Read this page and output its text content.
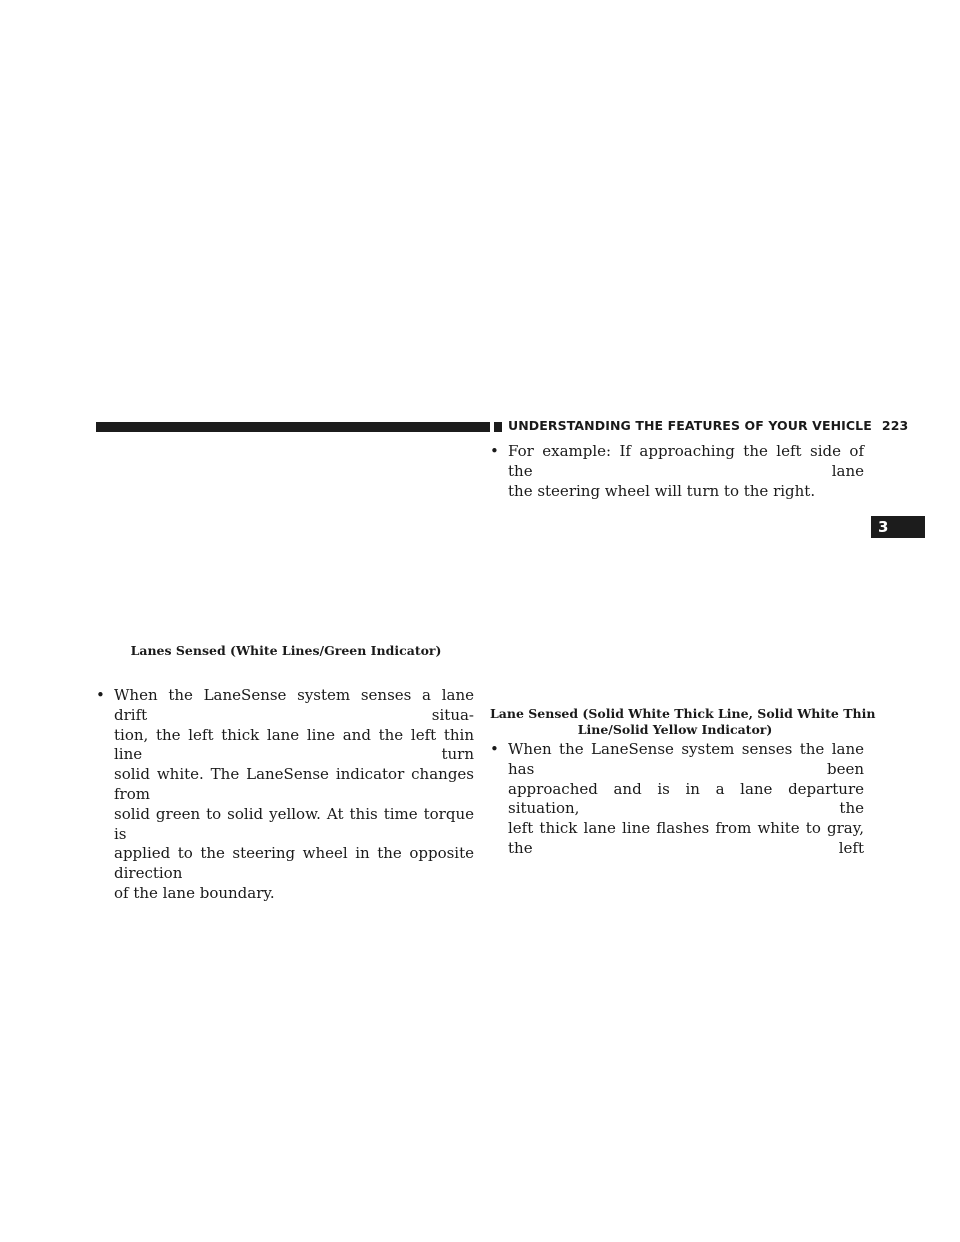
UNDERSTANDING THE FEATURES OF YOUR VEHICLE 223
3
Lanes Sensed (White Lines/Green Indicator)
• When the LaneSense system senses a lane drift situa-
tion, the left thick lane line and the left thin line turn
solid white. The LaneSense indicator changes from
solid green to solid yellow. At this time torque is
applied to the steering wheel in the opposite direction
of the lane boundary.
• For example: If approaching the left side of the lane
the steering wheel will turn to the right.
Lane Sensed (Solid White Thick Line, Solid White Thin
Line/Solid Yellow Indicator)
• When the LaneSense system senses the lane has been
approached and is in a lane departure situation, the
left thick lane line flashes from white to gray, the left
